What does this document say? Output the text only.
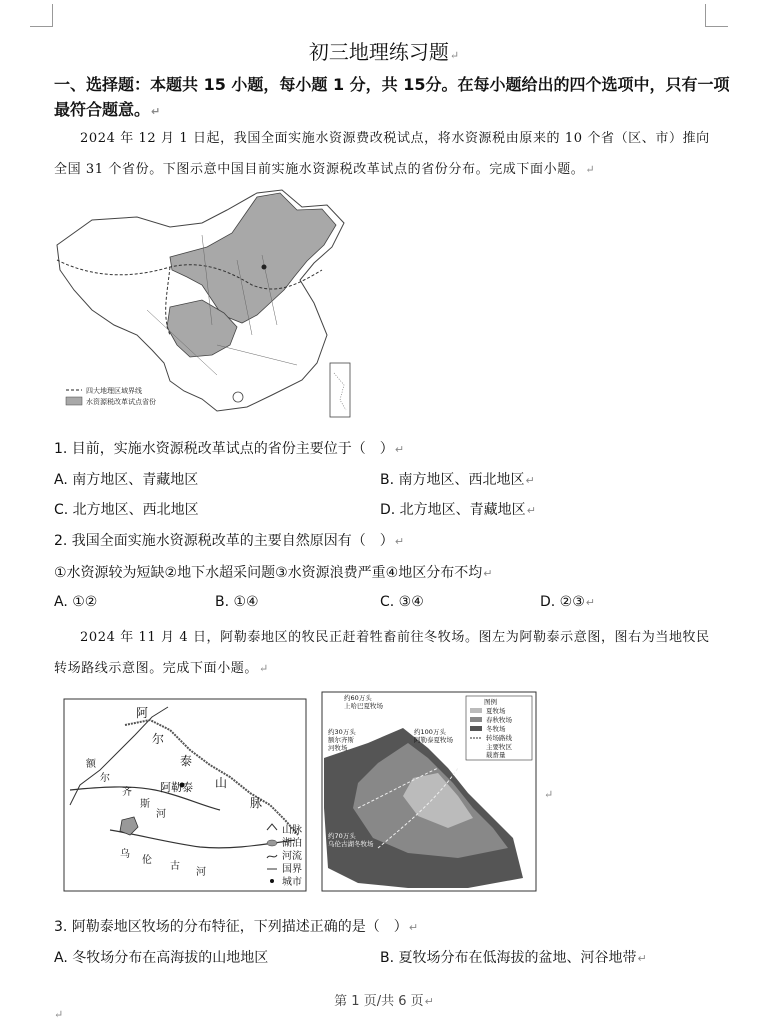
初三地理练习题↵
一、选择题：本题共 15 小题，每小题 1 分，共 15分。在每小题给出的四个选项中，只有一项
最符合题意。↵
2024 年 12 月 1 日起，我国全面实施水资源费改税试点，将水资源税由原来的 10 个省（区、市）推向
全国 31 个省份。下图示意中国目前实施水资源税改革试点的省份分布。完成下面小题。↵
四大地理区域界线
水资源税改革试点省份
1. 目前，实施水资源税改革试点的省份主要位于（　）↵
A. 南方地区、青藏地区	B. 南方地区、西北地区↵
C. 北方地区、西北地区	D. 北方地区、青藏地区↵
2. 我国全面实施水资源税改革的主要自然原因有（　）↵
①水资源较为短缺②地下水超采问题③水资源浪费严重④地区分布不均↵
A. ①②	B. ①④	C. ③④	D. ②③↵
2024 年 11 月 4 日，阿勒泰地区的牧民正赶着牲畜前往冬牧场。图左为阿勒泰示意图，图右为当地牧民
转场路线示意图。完成下面小题。↵
阿
尔
泰
山
脉
额
尔
齐
斯
河
阿勒泰
乌
伦
古
河
山脉
湖泊
河流
国界
城市
图例
夏牧场
春秋牧场
冬牧场
转场路线
主要牧区
载畜量
约60万头
上哈巴夏牧场
约30万头
额尔齐斯
河牧场
约100万头
阿勒泰夏牧场
约70万头
乌伦古湖冬牧场
↵
3. 阿勒泰地区牧场的分布特征，下列描述正确的是（　）↵
A. 冬牧场分布在高海拔的山地地区	B. 夏牧场分布在低海拔的盆地、河谷地带↵
第 1 页/共 6 页↵
↵
